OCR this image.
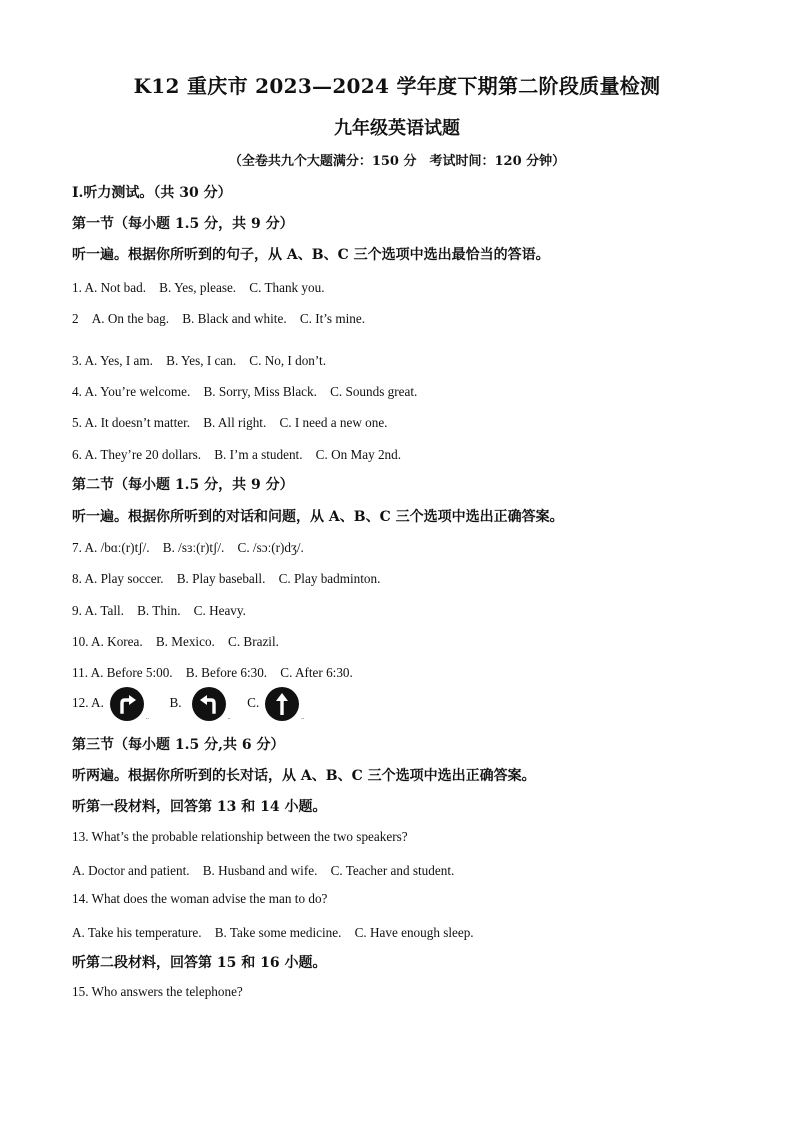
K12 重庆市 2023—2024 学年度下期第二阶段质量检测
九年级英语试题
（全卷共九个大题满分：150 分　考试时间：120 分钟）
Ⅰ.听力测试。（共 30 分）
第一节（每小题 1.5 分，共 9 分）
听一遍。根据你所听到的句子，从 A、B、C 三个选项中选出最恰当的答语。
1. A. Not bad.　B. Yes, please.　C. Thank you.
2　A. On the bag.　B. Black and white.　C. It’s mine.
3. A. Yes, I am.　B. Yes, I can.　C. No, I don’t.
4. A. You’re welcome.　B. Sorry, Miss Black.　C. Sounds great.
5. A. It doesn’t matter.　B. All right.　C. I need a new one.
6. A. They’re 20 dollars.　B. I’m a student.　C. On May 2nd.
第二节（每小题 1.5 分，共 9 分）
听一遍。根据你所听到的对话和问题，从 A、B、C 三个选项中选出正确答案。
7. A. /bɑː(r)tʃ/.　B. /sɜː(r)tʃ/.　C. /sɔː(r)dʒ/.
8. A. Play soccer.　B. Play baseball.　C. Play badminton.
9. A. Tall.　B. Thin.　C. Heavy.
10. A. Korea.　B. Mexico.　C. Brazil.
11. A. Before 5:00.　B. Before 6:30.　C. After 6:30.
12. A.
..  B.
..  C.
..
第三节（每小题 1.5 分,共 6 分）
听两遍。根据你所听到的长对话，从 A、B、C 三个选项中选出正确答案。
听第一段材料，回答第 13 和 14 小题。
13. What’s the probable relationship between the two speakers?
A. Doctor and patient.　B. Husband and wife.　C. Teacher and student.
14. What does the woman advise the man to do?
A. Take his temperature.　B. Take some medicine.　C. Have enough sleep.
听第二段材料，回答第 15 和 16 小题。
15. Who answers the telephone?
